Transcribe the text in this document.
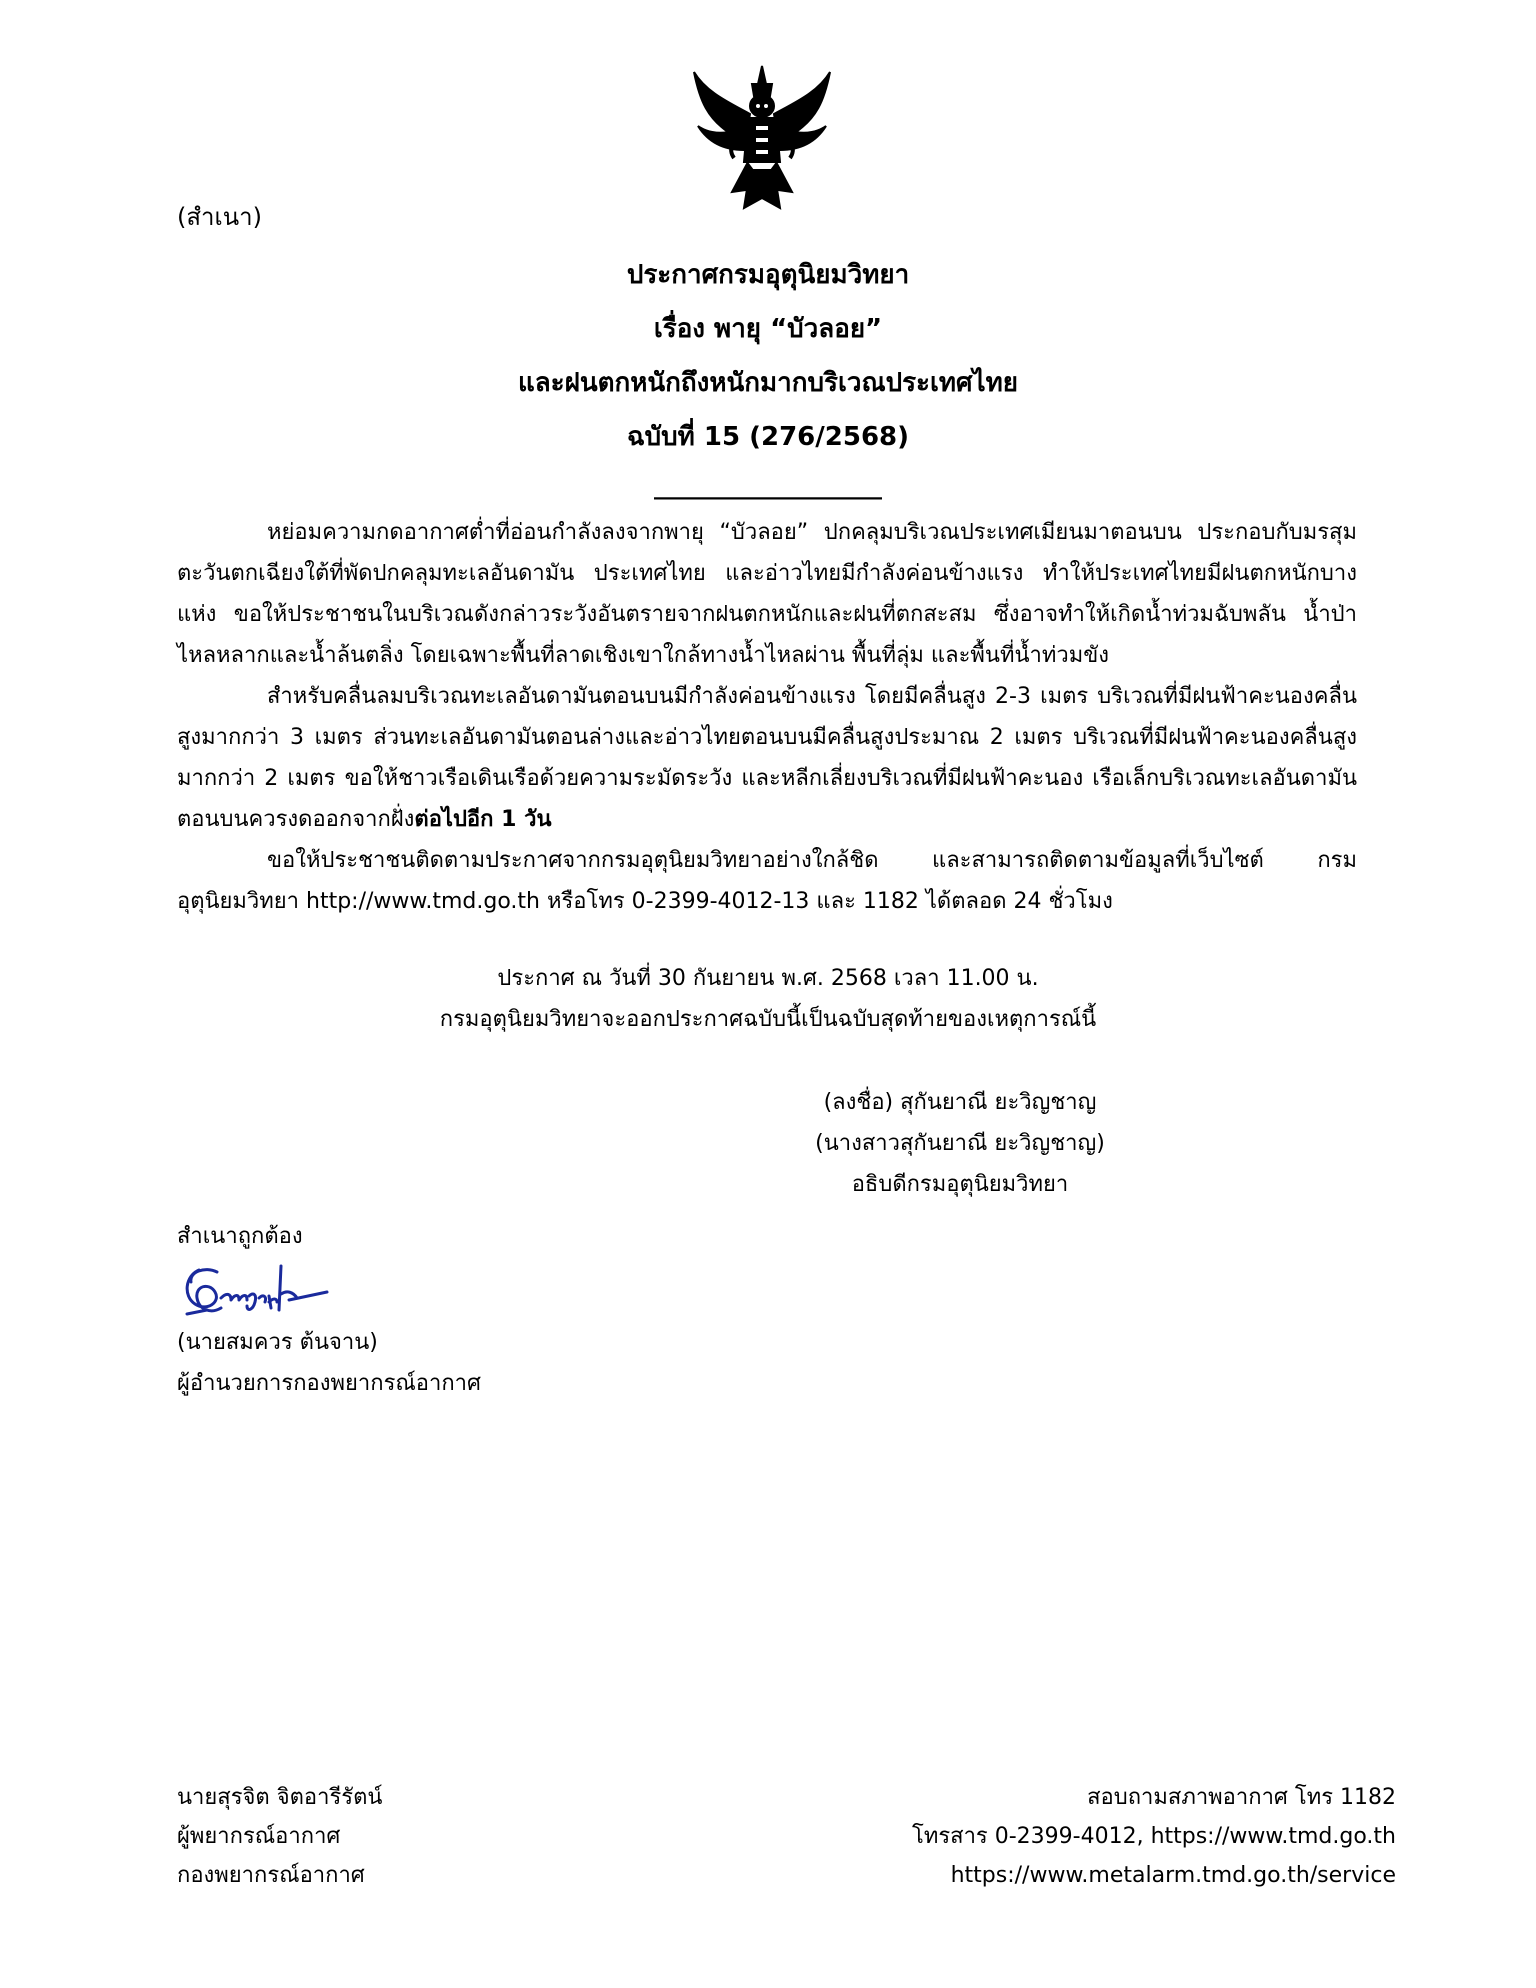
(สำเนา)
ประกาศกรมอุตุนิยมวิทยา
เรื่อง พายุ “บัวลอย”
และฝนตกหนักถึงหนักมากบริเวณประเทศไทย
ฉบับที่ 15 (276/2568)
___________________

หย่อมความกดอากาศต่ำที่อ่อนกำลังลงจากพายุ “บัวลอย” ปกคลุมบริเวณประเทศเมียนมาตอนบน ประกอบกับมรสุมตะวันตกเฉียงใต้ที่พัดปกคลุมทะเลอันดามัน ประเทศไทย และอ่าวไทยมีกำลังค่อนข้างแรง ทำให้ประเทศไทยมีฝนตกหนักบางแห่ง ขอให้ประชาชนในบริเวณดังกล่าวระวังอันตรายจากฝนตกหนักและฝนที่ตกสะสม ซึ่งอาจทำให้เกิดน้ำท่วมฉับพลัน น้ำป่าไหลหลากและน้ำล้นตลิ่ง โดยเฉพาะพื้นที่ลาดเชิงเขาใกล้ทางน้ำไหลผ่าน พื้นที่ลุ่ม และพื้นที่น้ำท่วมขัง

สำหรับคลื่นลมบริเวณทะเลอันดามันตอนบนมีกำลังค่อนข้างแรง โดยมีคลื่นสูง 2-3 เมตร บริเวณที่มีฝนฟ้าคะนองคลื่นสูงมากกว่า 3 เมตร ส่วนทะเลอันดามันตอนล่างและอ่าวไทยตอนบนมีคลื่นสูงประมาณ 2 เมตร บริเวณที่มีฝนฟ้าคะนองคลื่นสูงมากกว่า 2 เมตร ขอให้ชาวเรือเดินเรือด้วยความระมัดระวัง และหลีกเลี่ยงบริเวณที่มีฝนฟ้าคะนอง เรือเล็กบริเวณทะเลอันดามันตอนบนควรงดออกจากฝั่งต่อไปอีก 1 วัน

ขอให้ประชาชนติดตามประกาศจากกรมอุตุนิยมวิทยาอย่างใกล้ชิด และสามารถติดตามข้อมูลที่เว็บไซต์ กรมอุตุนิยมวิทยา http://www.tmd.go.th หรือโทร 0-2399-4012-13 และ 1182 ได้ตลอด 24 ชั่วโมง

ประกาศ ณ วันที่ 30 กันยายน พ.ศ. 2568 เวลา 11.00 น.
กรมอุตุนิยมวิทยาจะออกประกาศฉบับนี้เป็นฉบับสุดท้ายของเหตุการณ์นี้
(ลงชื่อ) สุกันยาณี ยะวิญชาญ
(นางสาวสุกันยาณี ยะวิญชาญ)
อธิบดีกรมอุตุนิยมวิทยา
สำเนาถูกต้อง
(นายสมควร ต้นจาน)
ผู้อำนวยการกองพยากรณ์อากาศ
นายสุรจิต จิตอารีรัตน์
ผู้พยากรณ์อากาศ
กองพยากรณ์อากาศ
สอบถามสภาพอากาศ โทร 1182
โทรสาร 0-2399-4012, https://www.tmd.go.th
https://www.metalarm.tmd.go.th/service
